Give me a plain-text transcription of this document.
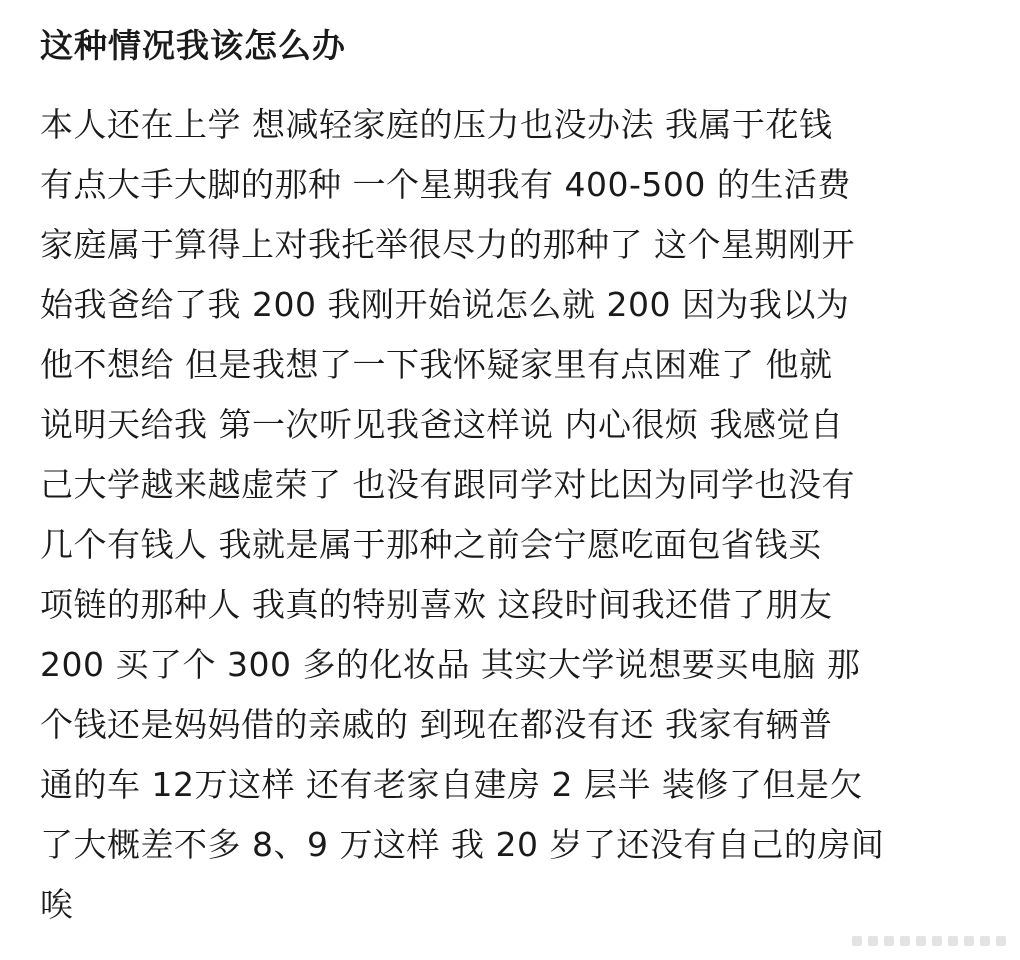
这种情况我该怎么办
本人还在上学 想减轻家庭的压力也没办法 我属于花钱
有点大手大脚的那种 一个星期我有 400-500 的生活费
家庭属于算得上对我托举很尽力的那种了 这个星期刚开
始我爸给了我 200 我刚开始说怎么就 200 因为我以为
他不想给 但是我想了一下我怀疑家里有点困难了 他就
说明天给我 第一次听见我爸这样说 内心很烦 我感觉自
己大学越来越虚荣了 也没有跟同学对比因为同学也没有
几个有钱人 我就是属于那种之前会宁愿吃面包省钱买
项链的那种人 我真的特别喜欢 这段时间我还借了朋友
200 买了个 300 多的化妆品 其实大学说想要买电脑 那
个钱还是妈妈借的亲戚的 到现在都没有还 我家有辆普
通的车 12万这样 还有老家自建房 2 层半 装修了但是欠
了大概差不多 8、9 万这样 我 20 岁了还没有自己的房间
唉
